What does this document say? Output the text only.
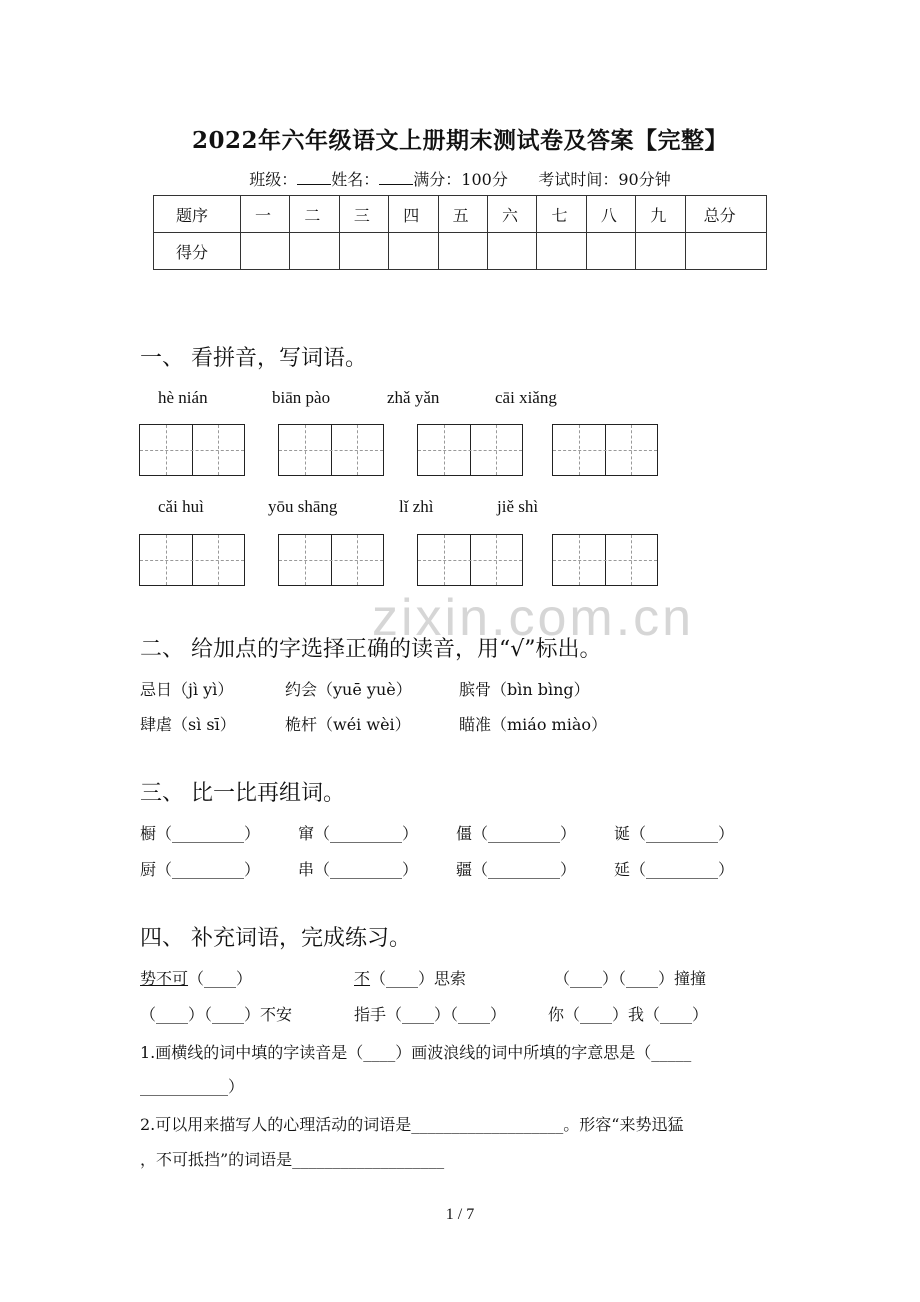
2022年六年级语文上册期末测试卷及答案【完整】
班级： 姓名： 满分：100分 考试时间：90分钟
题序	一	二	三	四	五	六	七	八	九	总分
得分										
一、 看拼音，写词语。
hè nián	biān pào	zhǎ yǎn	cāi xiǎng
cǎi huì	yōu shāng	lǐ zhì	jiě shì
zixin.com.cn
二、 给加点的字选择正确的读音，用“√”标出。
忌日（jì yì）	约会（yuē yuè）	膑骨（bìn bìng）
肆虐（sì sī）	桅杆（wéi wèi）	瞄准（miáo miào）
三、 比一比再组词。
橱（_________） 窜（_________） 僵（_________） 诞（_________）
厨（_________） 串（_________） 疆（_________） 延（_________）
四、 补充词语，完成练习。
势不可（____）	不（____）思索	（____）（____）撞撞
（____）（____）不安	指手（____）（____）	你（____）我（____）
1.画横线的词中填的字读音是（____）画波浪线的词中所填的字意思是（_____
___________）
2.可以用来描写人的心理活动的词语是___________________。形容“来势迅猛
，不可抵挡”的词语是___________________
1 / 7
